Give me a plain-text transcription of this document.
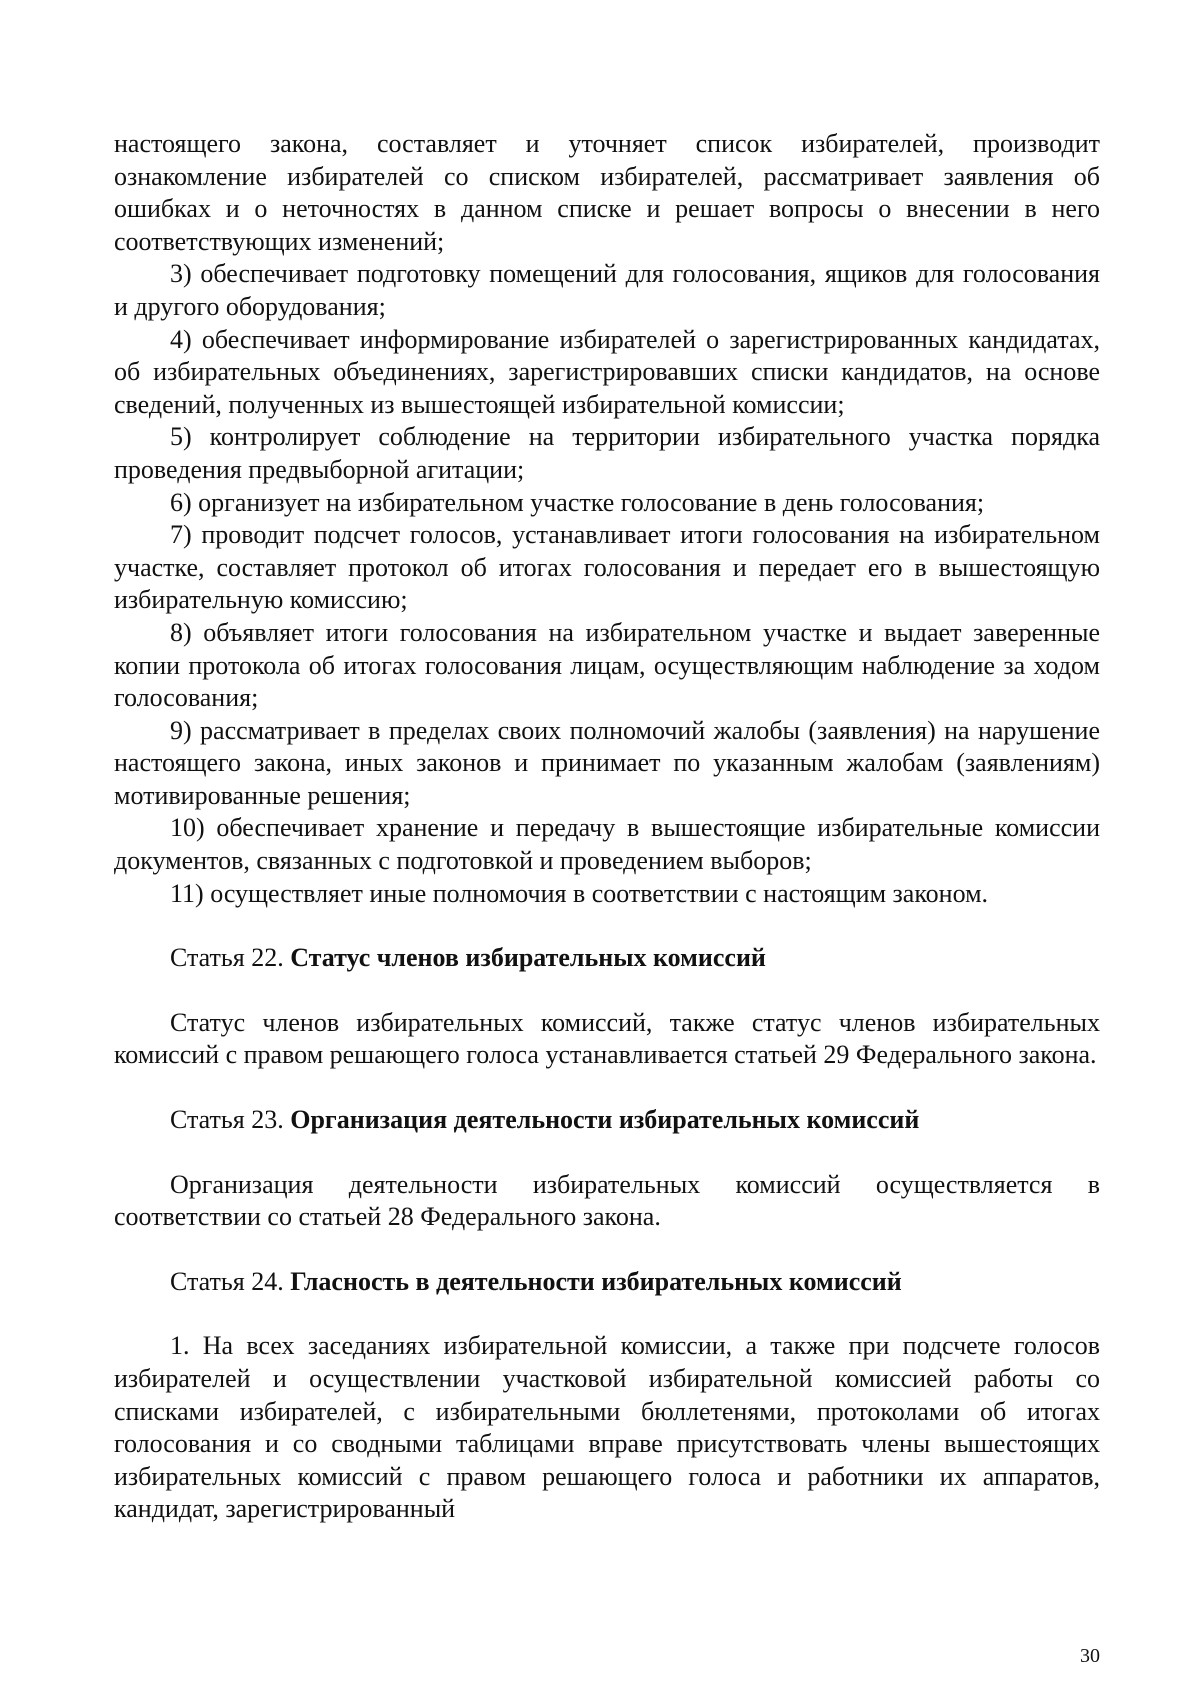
настоящего закона, составляет и уточняет список избирателей, производит ознакомление избирателей со списком избирателей, рассматривает заявления об ошибках и о неточностях в данном списке и решает вопросы о внесении в него соответствующих изменений;

3) обеспечивает подготовку помещений для голосования, ящиков для голосования и другого оборудования;

4) обеспечивает информирование избирателей о зарегистрированных кандидатах, об избирательных объединениях, зарегистрировавших списки кандидатов, на основе сведений, полученных из вышестоящей избирательной комиссии;

5) контролирует соблюдение на территории избирательного участка порядка проведения предвыборной агитации;

6) организует на избирательном участке голосование в день голосования;

7) проводит подсчет голосов, устанавливает итоги голосования на избирательном участке, составляет протокол об итогах голосования и передает его в вышестоящую избирательную комиссию;

8) объявляет итоги голосования на избирательном участке и выдает заверенные копии протокола об итогах голосования лицам, осуществляющим наблюдение за ходом голосования;

9) рассматривает в пределах своих полномочий жалобы (заявления) на нарушение настоящего закона, иных законов и принимает по указанным жалобам (заявлениям) мотивированные решения;

10) обеспечивает хранение и передачу в вышестоящие избирательные комиссии документов, связанных с подготовкой и проведением выборов;

11) осуществляет иные полномочия в соответствии с настоящим законом.

Статья 22. Статус членов избирательных комиссий

Статус членов избирательных комиссий, также статус членов избирательных комиссий с правом решающего голоса устанавливается статьей 29 Федерального закона.

Статья 23. Организация деятельности избирательных комиссий

Организация деятельности избирательных комиссий осуществляется в соответствии со статьей 28 Федерального закона.

Статья 24. Гласность в деятельности избирательных комиссий

1. На всех заседаниях избирательной комиссии, а также при подсчете голосов избирателей и осуществлении участковой избирательной комиссией работы со списками избирателей, с избирательными бюллетенями, протоколами об итогах голосования и со сводными таблицами вправе присутствовать члены вышестоящих избирательных комиссий с правом решающего голоса и работники их аппаратов, кандидат, зарегистрированный

30
